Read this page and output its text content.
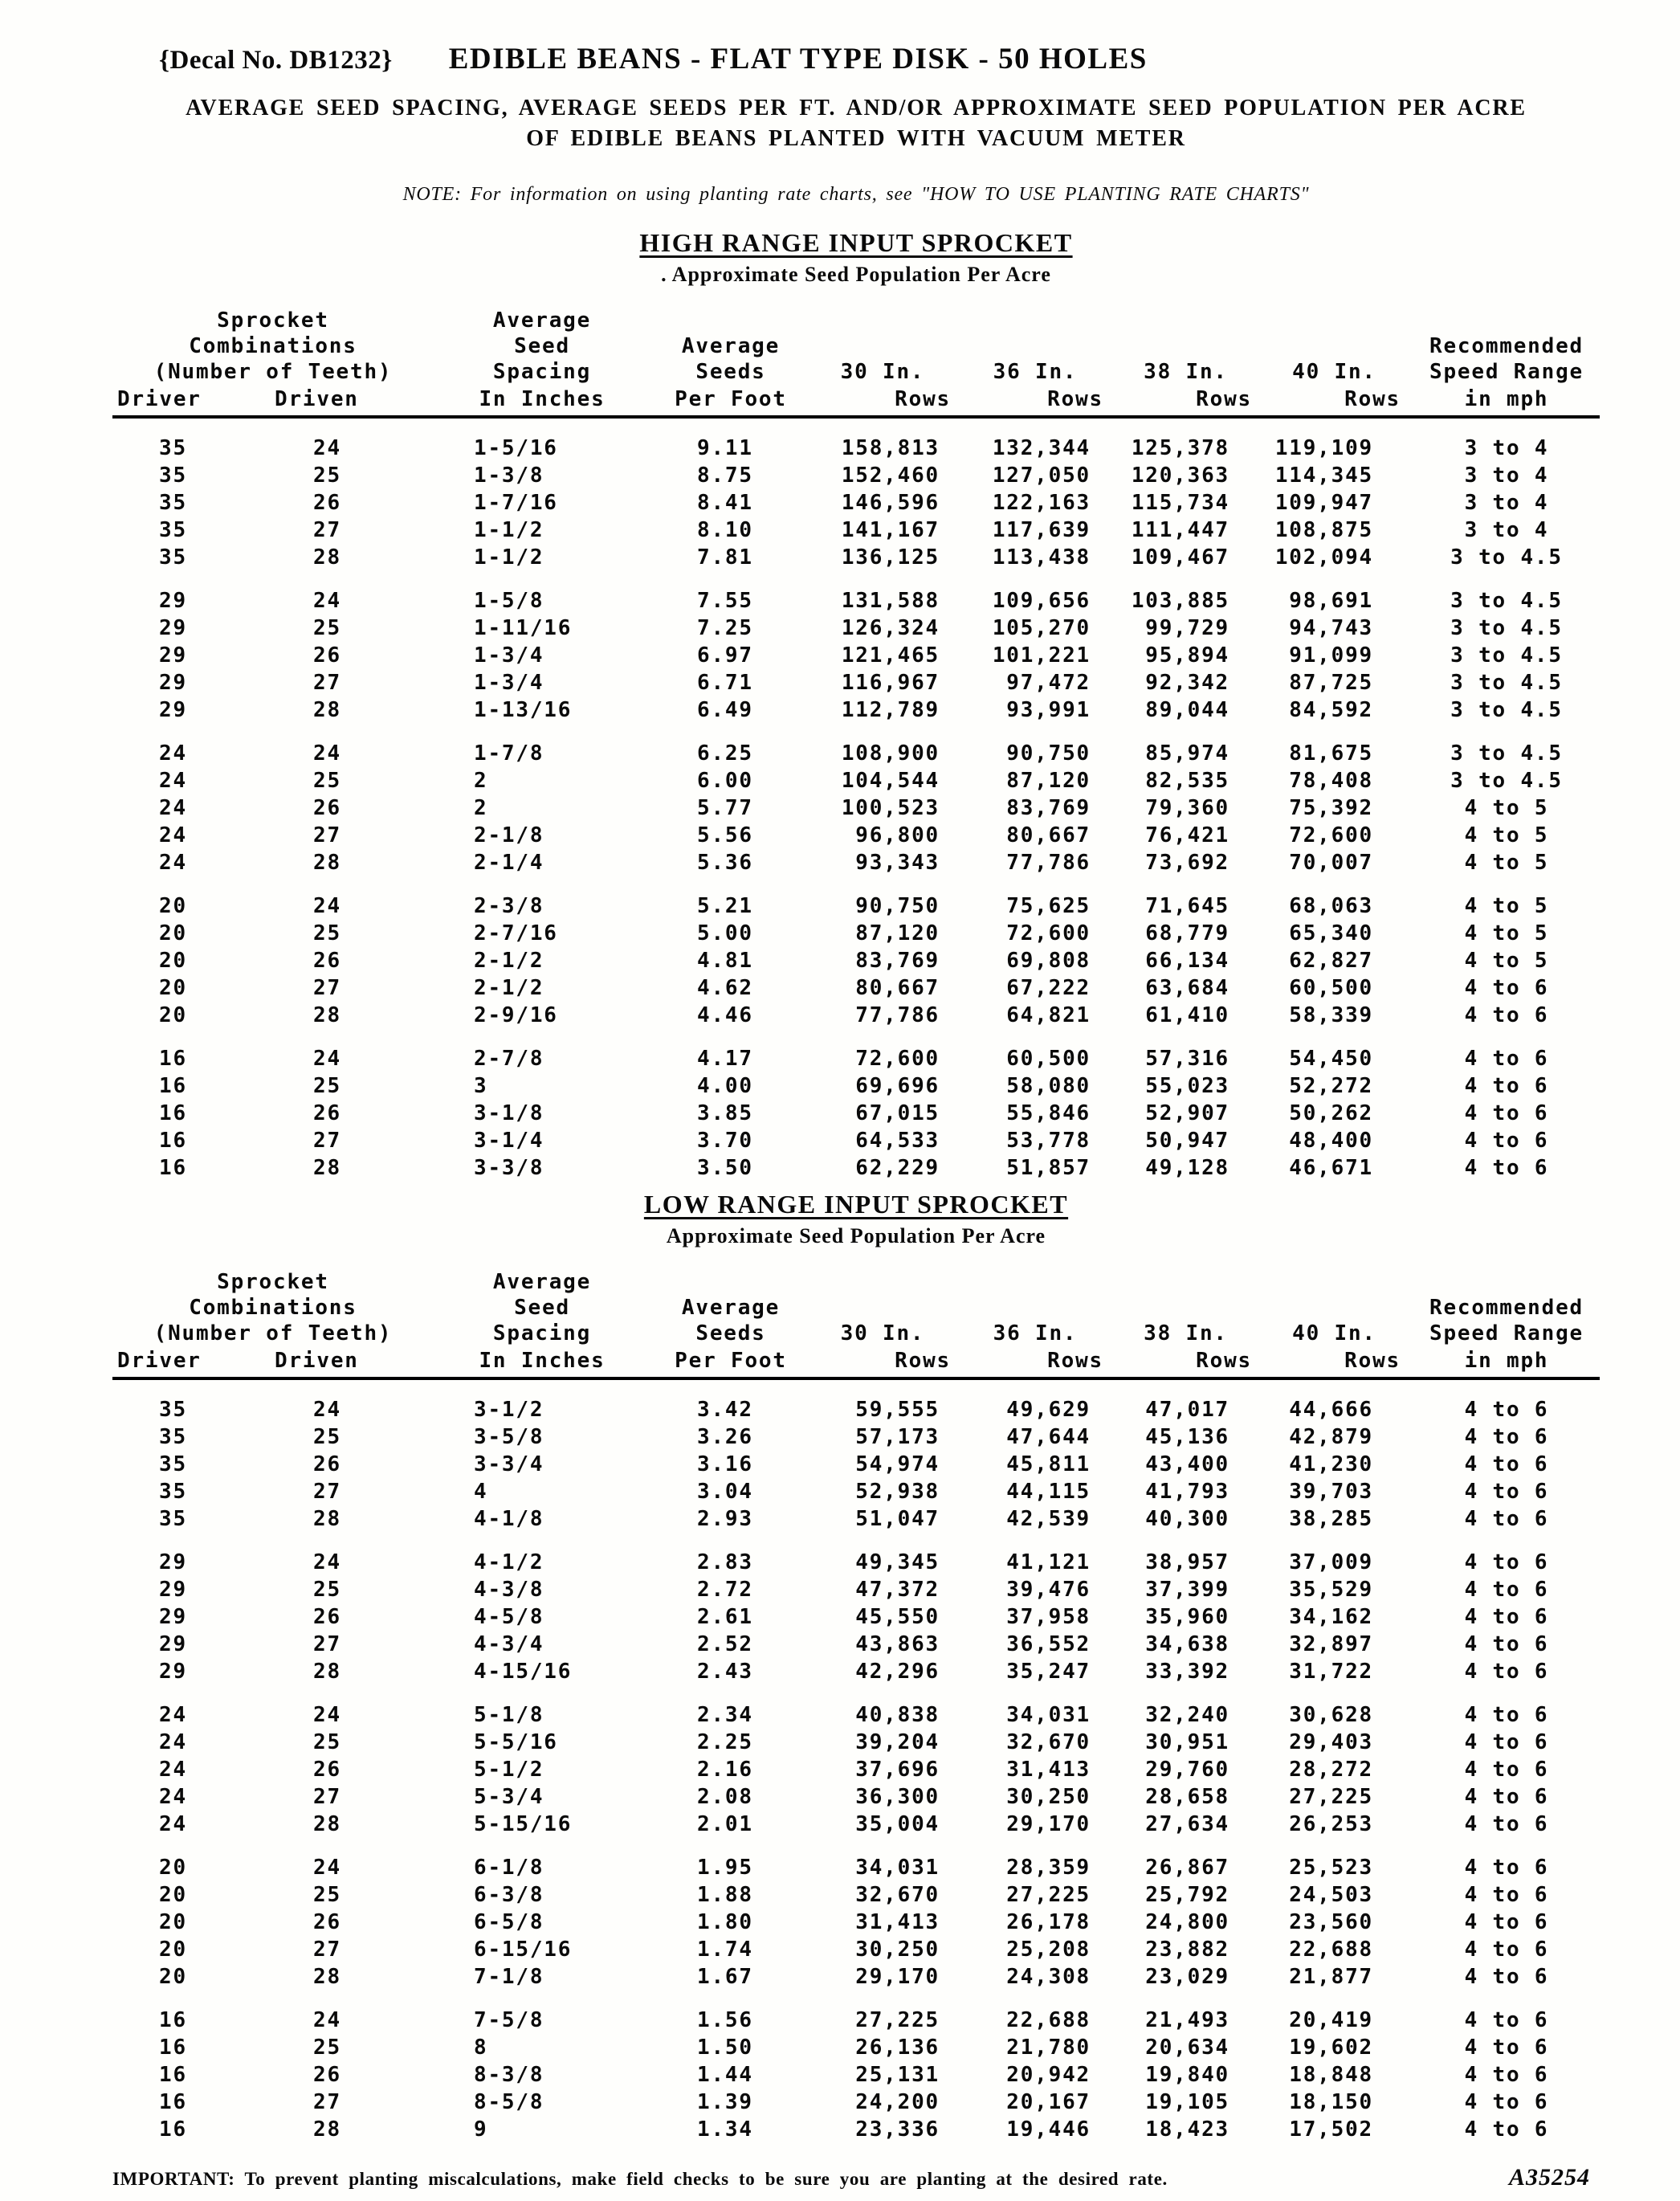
{Decal No. DB1232} EDIBLE BEANS - FLAT TYPE DISK - 50 HOLES
AVERAGE SEED SPACING, AVERAGE SEEDS PER FT. AND/OR APPROXIMATE SEED POPULATION PER ACRE
OF EDIBLE BEANS PLANTED WITH VACUUM METER
NOTE: For information on using planting rate charts, see "HOW TO USE PLANTING RATE CHARTS"
HIGH RANGE INPUT SPROCKET
. Approximate Seed Population Per Acre
Sprocket
Combinations
(Number of Teeth)

Average
Seed
Spacing

Average
Seeds	30 In.	36 In.	38 In.	40 In.	
Recommended
Speed Range

Driver	Driven	In Inches	Per Foot	Rows	Rows	Rows	Rows	in mph

35	24	1-5/16	9.11	158,813	132,344	125,378	119,109	3 to 4
35	25	1-3/8	8.75	152,460	127,050	120,363	114,345	3 to 4
35	26	1-7/16	8.41	146,596	122,163	115,734	109,947	3 to 4
35	27	1-1/2	8.10	141,167	117,639	111,447	108,875	3 to 4
35	28	1-1/2	7.81	136,125	113,438	109,467	102,094	3 to 4.5

29	24	1-5/8	7.55	131,588	109,656	103,885	98,691	3 to 4.5
29	25	1-11/16	7.25	126,324	105,270	99,729	94,743	3 to 4.5
29	26	1-3/4	6.97	121,465	101,221	95,894	91,099	3 to 4.5
29	27	1-3/4	6.71	116,967	97,472	92,342	87,725	3 to 4.5
29	28	1-13/16	6.49	112,789	93,991	89,044	84,592	3 to 4.5

24	24	1-7/8	6.25	108,900	90,750	85,974	81,675	3 to 4.5
24	25	2	6.00	104,544	87,120	82,535	78,408	3 to 4.5
24	26	2	5.77	100,523	83,769	79,360	75,392	4 to 5
24	27	2-1/8	5.56	96,800	80,667	76,421	72,600	4 to 5
24	28	2-1/4	5.36	93,343	77,786	73,692	70,007	4 to 5

20	24	2-3/8	5.21	90,750	75,625	71,645	68,063	4 to 5
20	25	2-7/16	5.00	87,120	72,600	68,779	65,340	4 to 5
20	26	2-1/2	4.81	83,769	69,808	66,134	62,827	4 to 5
20	27	2-1/2	4.62	80,667	67,222	63,684	60,500	4 to 6
20	28	2-9/16	4.46	77,786	64,821	61,410	58,339	4 to 6

16	24	2-7/8	4.17	72,600	60,500	57,316	54,450	4 to 6
16	25	3	4.00	69,696	58,080	55,023	52,272	4 to 6
16	26	3-1/8	3.85	67,015	55,846	52,907	50,262	4 to 6
16	27	3-1/4	3.70	64,533	53,778	50,947	48,400	4 to 6
16	28	3-3/8	3.50	62,229	51,857	49,128	46,671	4 to 6
LOW RANGE INPUT SPROCKET
Approximate Seed Population Per Acre
Sprocket
Combinations
(Number of Teeth)

Average
Seed
Spacing

Average
Seeds	30 In.	36 In.	38 In.	40 In.	
Recommended
Speed Range

Driver	Driven	In Inches	Per Foot	Rows	Rows	Rows	Rows	in mph

35	24	3-1/2	3.42	59,555	49,629	47,017	44,666	4 to 6
35	25	3-5/8	3.26	57,173	47,644	45,136	42,879	4 to 6
35	26	3-3/4	3.16	54,974	45,811	43,400	41,230	4 to 6
35	27	4	3.04	52,938	44,115	41,793	39,703	4 to 6
35	28	4-1/8	2.93	51,047	42,539	40,300	38,285	4 to 6

29	24	4-1/2	2.83	49,345	41,121	38,957	37,009	4 to 6
29	25	4-3/8	2.72	47,372	39,476	37,399	35,529	4 to 6
29	26	4-5/8	2.61	45,550	37,958	35,960	34,162	4 to 6
29	27	4-3/4	2.52	43,863	36,552	34,638	32,897	4 to 6
29	28	4-15/16	2.43	42,296	35,247	33,392	31,722	4 to 6

24	24	5-1/8	2.34	40,838	34,031	32,240	30,628	4 to 6
24	25	5-5/16	2.25	39,204	32,670	30,951	29,403	4 to 6
24	26	5-1/2	2.16	37,696	31,413	29,760	28,272	4 to 6
24	27	5-3/4	2.08	36,300	30,250	28,658	27,225	4 to 6
24	28	5-15/16	2.01	35,004	29,170	27,634	26,253	4 to 6

20	24	6-1/8	1.95	34,031	28,359	26,867	25,523	4 to 6
20	25	6-3/8	1.88	32,670	27,225	25,792	24,503	4 to 6
20	26	6-5/8	1.80	31,413	26,178	24,800	23,560	4 to 6
20	27	6-15/16	1.74	30,250	25,208	23,882	22,688	4 to 6
20	28	7-1/8	1.67	29,170	24,308	23,029	21,877	4 to 6

16	24	7-5/8	1.56	27,225	22,688	21,493	20,419	4 to 6
16	25	8	1.50	26,136	21,780	20,634	19,602	4 to 6
16	26	8-3/8	1.44	25,131	20,942	19,840	18,848	4 to 6
16	27	8-5/8	1.39	24,200	20,167	19,105	18,150	4 to 6
16	28	9	1.34	23,336	19,446	18,423	17,502	4 to 6
IMPORTANT: To prevent planting miscalculations, make field checks to be sure you are planting at the desired rate.	A35254
